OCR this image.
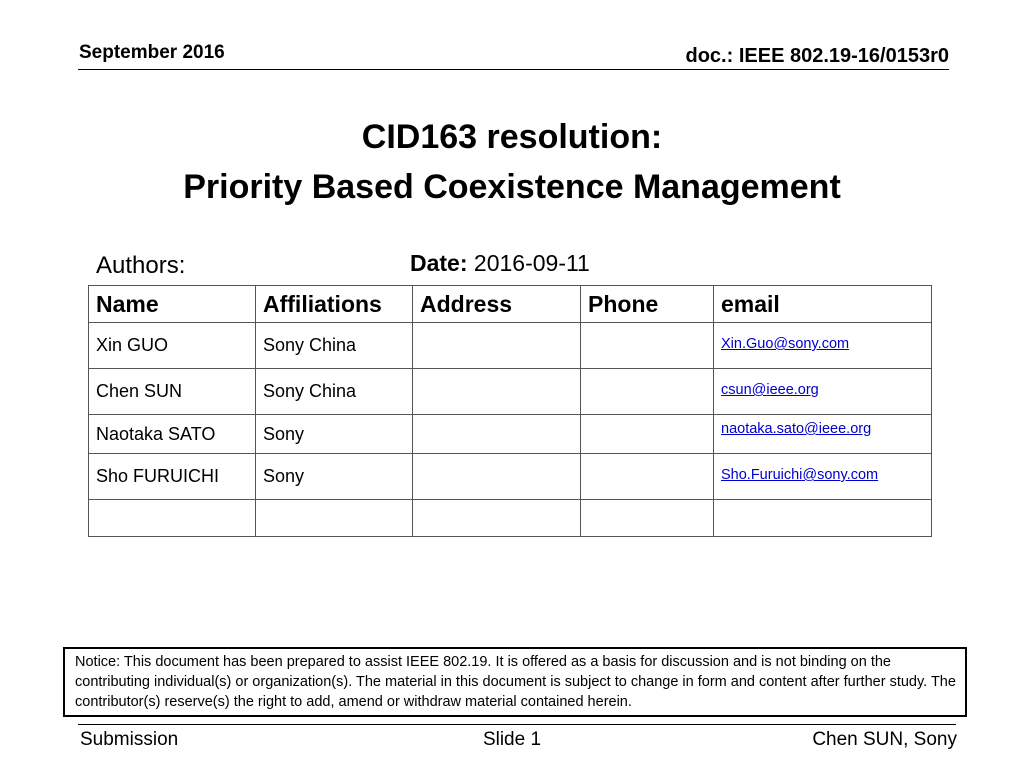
September 2016	doc.: IEEE 802.19-16/0153r0
CID163 resolution:
Priority Based Coexistence Management
Authors:	Date: 2016-09-11
Name	Affiliations	Address	Phone	email
Xin GUO	Sony China			Xin.Guo@sony.com
Chen SUN	Sony China			csun@ieee.org
Naotaka SATO	Sony			naotaka.sato@ieee.org
Sho FURUICHI	Sony			Sho.Furuichi@sony.com

Notice: This document has been prepared to assist IEEE 802.19. It is offered as a basis for discussion and is not binding on the contributing individual(s) or organization(s). The material in this document is subject to change in form and content after further study. The contributor(s) reserve(s) the right to add, amend or withdraw material contained herein.
Submission	Slide 1	Chen SUN, Sony
